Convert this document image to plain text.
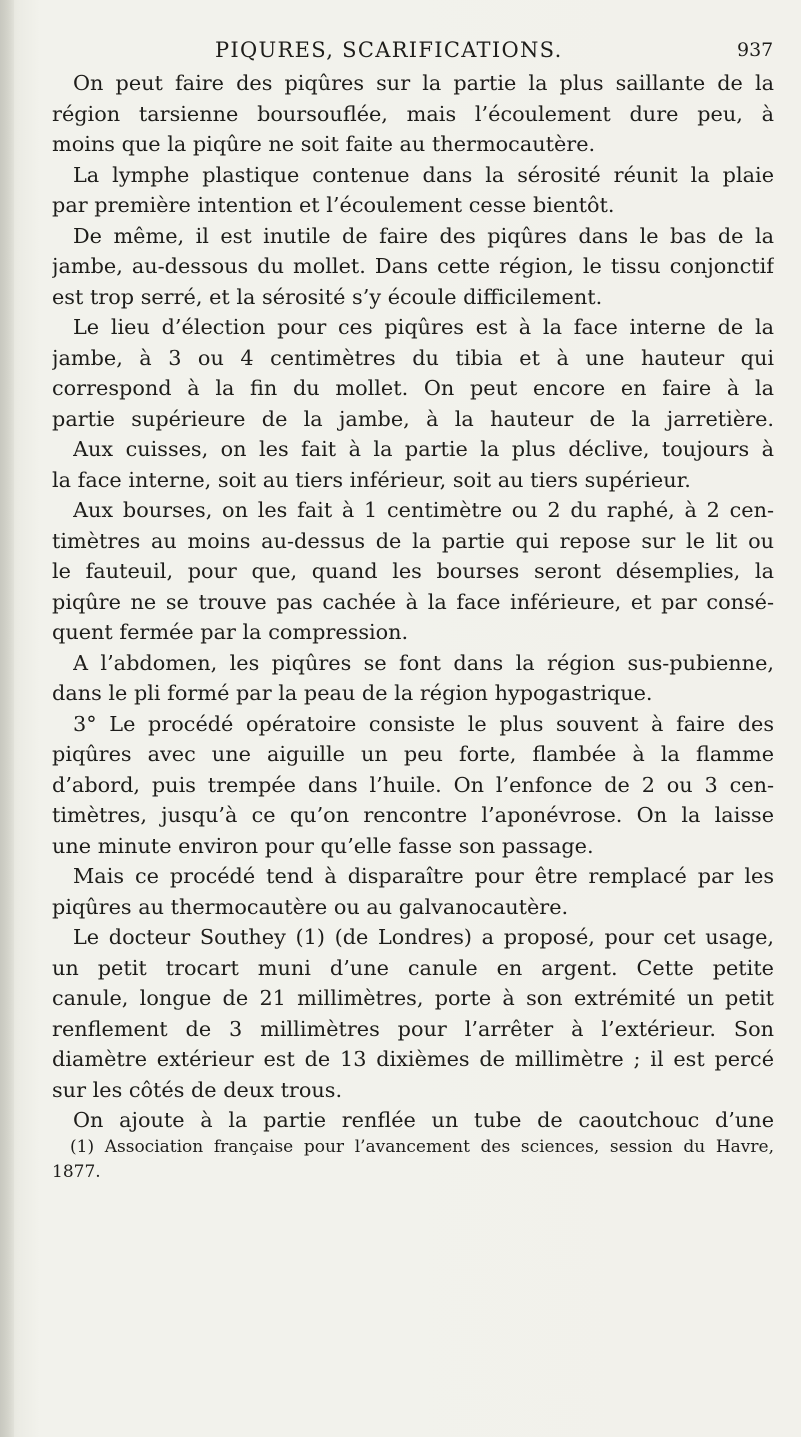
PIQURES, SCARIFICATIONS.	937
On peut faire des piqûres sur la partie la plus saillante de la
région tarsienne boursouflée, mais l’écoulement dure peu, à
moins que la piqûre ne soit faite au thermocautère.
La lymphe plastique contenue dans la sérosité réunit la plaie
par première intention et l’écoulement cesse bientôt.
De même, il est inutile de faire des piqûres dans le bas de la
jambe, au-dessous du mollet. Dans cette région, le tissu conjonctif
est trop serré, et la sérosité s’y écoule difficilement.
Le lieu d’élection pour ces piqûres est à la face interne de la
jambe, à 3 ou 4 centimètres du tibia et à une hauteur qui
correspond à la fin du mollet. On peut encore en faire à la
partie supérieure de la jambe, à la hauteur de la jarretière.
Aux cuisses, on les fait à la partie la plus déclive, toujours à
la face interne, soit au tiers inférieur, soit au tiers supérieur.
Aux bourses, on les fait à 1 centimètre ou 2 du raphé, à 2 cen-
timètres au moins au-dessus de la partie qui repose sur le lit ou
le fauteuil, pour que, quand les bourses seront désemplies, la
piqûre ne se trouve pas cachée à la face inférieure, et par consé-
quent fermée par la compression.
A l’abdomen, les piqûres se font dans la région sus-pubienne,
dans le pli formé par la peau de la région hypogastrique.
3° Le procédé opératoire consiste le plus souvent à faire des
piqûres avec une aiguille un peu forte, flambée à la flamme
d’abord, puis trempée dans l’huile. On l’enfonce de 2 ou 3 cen-
timètres, jusqu’à ce qu’on rencontre l’aponévrose. On la laisse
une minute environ pour qu’elle fasse son passage.
Mais ce procédé tend à disparaître pour être remplacé par les
piqûres au thermocautère ou au galvanocautère.
Le docteur Southey (1) (de Londres) a proposé, pour cet usage,
un petit trocart muni d’une canule en argent. Cette petite
canule, longue de 21 millimètres, porte à son extrémité un petit
renflement de 3 millimètres pour l’arrêter à l’extérieur. Son
diamètre extérieur est de 13 dixièmes de millimètre ; il est percé
sur les côtés de deux trous.
On ajoute à la partie renflée un tube de caoutchouc d’une
(1) Association française pour l’avancement des sciences, session du Havre,
1877.
